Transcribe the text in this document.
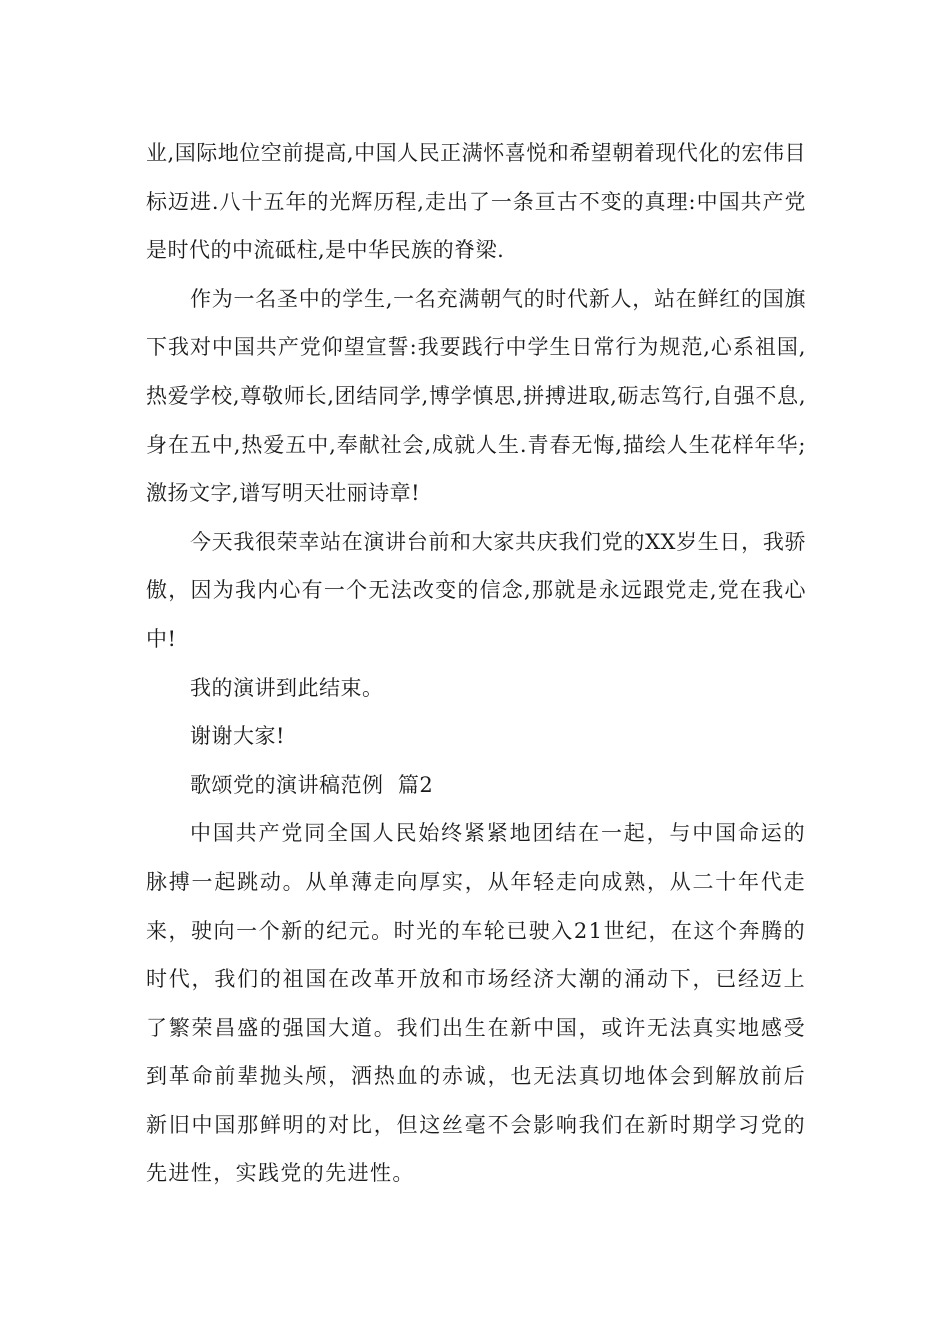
业,国际地位空前提高,中国人民正满怀喜悦和希望朝着现代化的宏伟目标迈进.八十五年的光辉历程,走出了一条亘古不变的真理:中国共产党是时代的中流砥柱,是中华民族的脊梁.

作为一名圣中的学生,一名充满朝气的时代新人，站在鲜红的国旗下我对中国共产党仰望宣誓:我要践行中学生日常行为规范,心系祖国,热爱学校,尊敬师长,团结同学,博学慎思,拼搏进取,砺志笃行,自强不息,身在五中,热爱五中,奉献社会,成就人生.青春无悔,描绘人生花样年华;激扬文字,谱写明天壮丽诗章!

今天我很荣幸站在演讲台前和大家共庆我们党的XX岁生日，我骄傲，因为我内心有一个无法改变的信念,那就是永远跟党走,党在我心中!

我的演讲到此结束。

谢谢大家!

歌颂党的演讲稿范例  篇2

中国共产党同全国人民始终紧紧地团结在一起，与中国命运的脉搏一起跳动。从单薄走向厚实，从年轻走向成熟，从二十年代走来，驶向一个新的纪元。时光的车轮已驶入21世纪，在这个奔腾的时代，我们的祖国在改革开放和市场经济大潮的涌动下，已经迈上了繁荣昌盛的强国大道。我们出生在新中国，或许无法真实地感受到革命前辈抛头颅，洒热血的赤诚，也无法真切地体会到解放前后新旧中国那鲜明的对比，但这丝毫不会影响我们在新时期学习党的先进性，实践党的先进性。
